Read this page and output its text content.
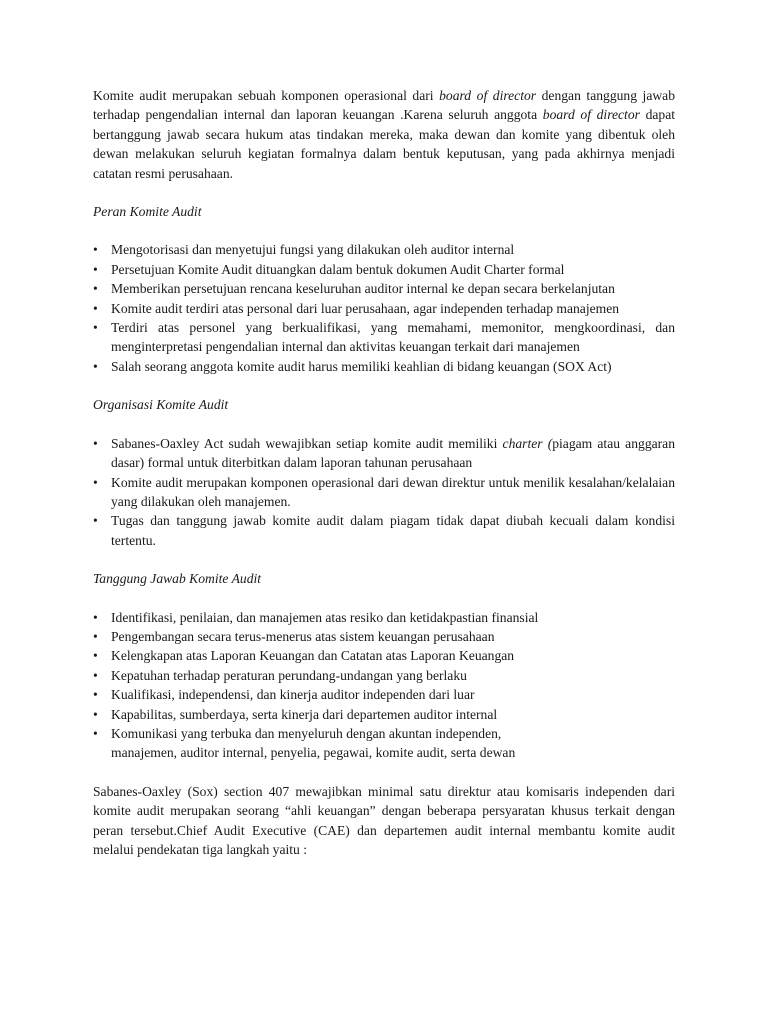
Komite audit merupakan sebuah komponen operasional dari board of director dengan tanggung jawab terhadap pengendalian internal dan laporan keuangan .Karena seluruh anggota board of director dapat bertanggung jawab secara hukum atas tindakan mereka, maka dewan dan komite yang dibentuk oleh dewan melakukan seluruh kegiatan formalnya dalam bentuk keputusan, yang pada akhirnya menjadi catatan resmi perusahaan.

Peran Komite Audit

• Mengotorisasi dan menyetujui fungsi yang dilakukan oleh auditor internal
• Persetujuan Komite Audit dituangkan dalam bentuk dokumen Audit Charter formal
• Memberikan persetujuan rencana keseluruhan auditor internal ke depan secara berkelanjutan
• Komite audit terdiri atas personal dari luar perusahaan, agar independen terhadap manajemen
• Terdiri atas personel yang berkualifikasi, yang memahami, memonitor, mengkoordinasi, dan menginterpretasi pengendalian internal dan aktivitas keuangan terkait dari manajemen
• Salah seorang anggota komite audit harus memiliki keahlian di bidang keuangan (SOX Act)

Organisasi Komite Audit

• Sabanes-Oaxley Act sudah wewajibkan setiap komite audit memiliki charter (piagam atau anggaran dasar) formal untuk diterbitkan dalam laporan tahunan perusahaan
• Komite audit merupakan komponen operasional dari dewan direktur untuk menilik kesalahan/kelalaian yang dilakukan oleh manajemen.
• Tugas dan tanggung jawab komite audit dalam piagam tidak dapat diubah kecuali dalam kondisi tertentu.

Tanggung Jawab Komite Audit

• Identifikasi, penilaian, dan manajemen atas resiko dan ketidakpastian finansial
• Pengembangan secara terus-menerus atas sistem keuangan perusahaan
• Kelengkapan atas Laporan Keuangan dan Catatan atas Laporan Keuangan
• Kepatuhan terhadap peraturan perundang-undangan yang berlaku
• Kualifikasi, independensi, dan kinerja auditor independen dari luar
• Kapabilitas, sumberdaya, serta kinerja dari departemen auditor internal
• Komunikasi yang terbuka dan menyeluruh dengan akuntan independen,
manajemen, auditor internal, penyelia, pegawai, komite audit, serta dewan

Sabanes-Oaxley (Sox) section 407 mewajibkan minimal satu direktur atau komisaris independen dari komite audit merupakan seorang “ahli keuangan” dengan beberapa persyaratan khusus terkait dengan peran tersebut.Chief Audit Executive (CAE) dan departemen audit internal membantu komite audit melalui pendekatan tiga langkah yaitu :
